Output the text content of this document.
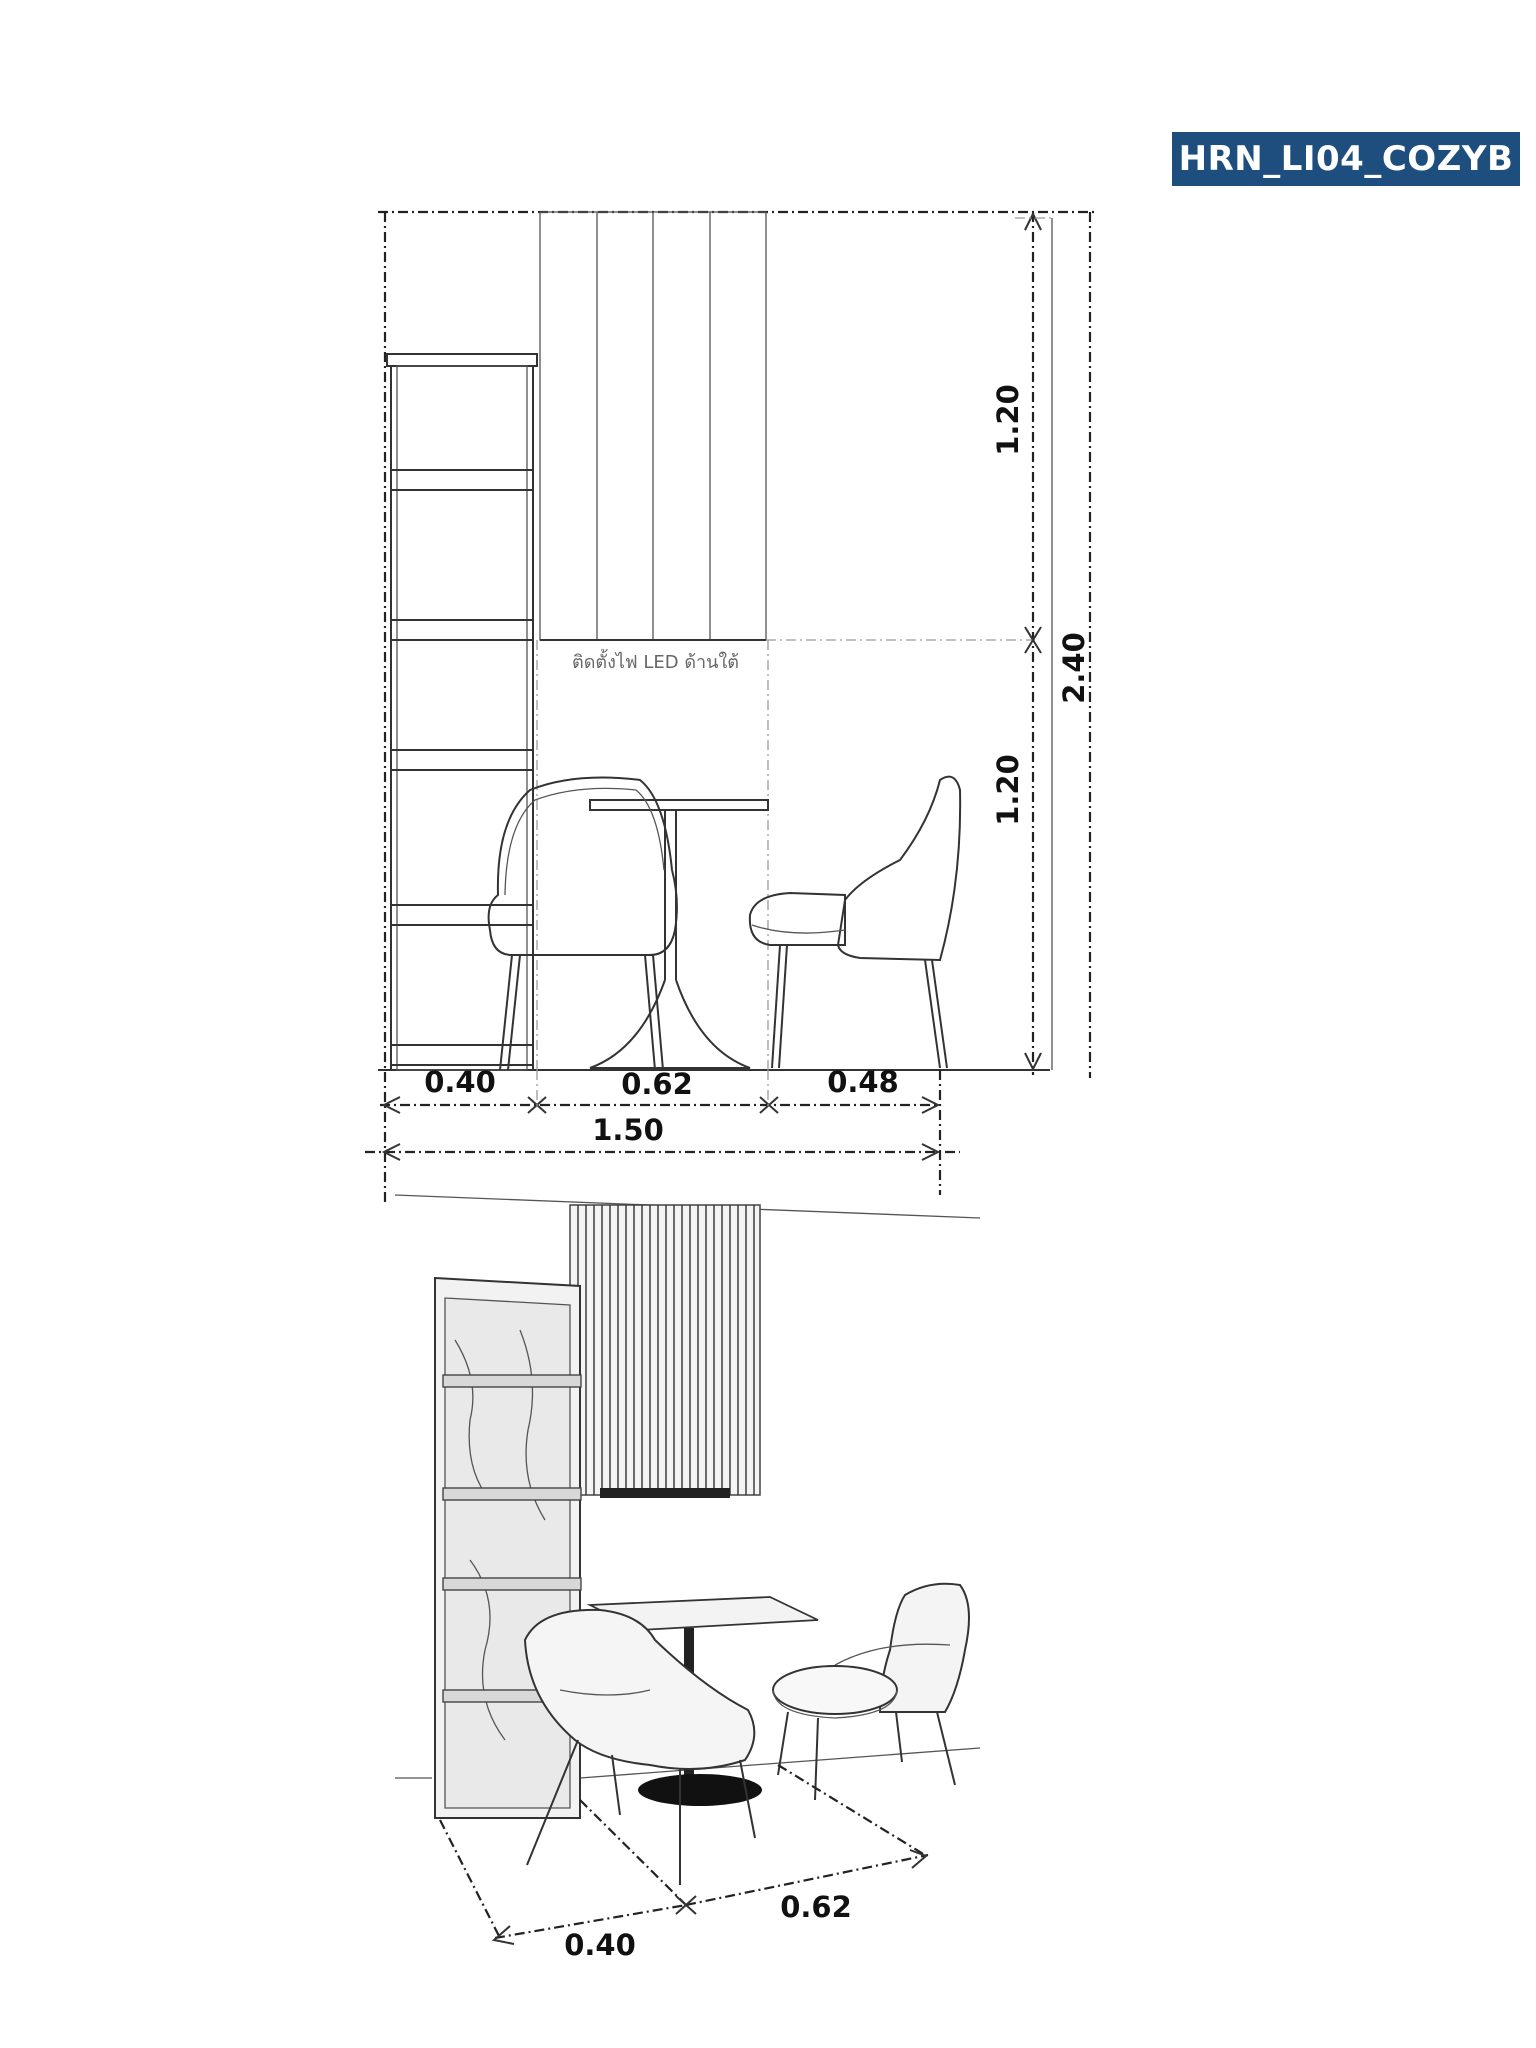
HRN_LI04_COZYB
ติดตั้งไฟ LED ด้านใต้
1.20
1.20
2.40
0.40	0.62	0.48
1.50
0.40
0.62
